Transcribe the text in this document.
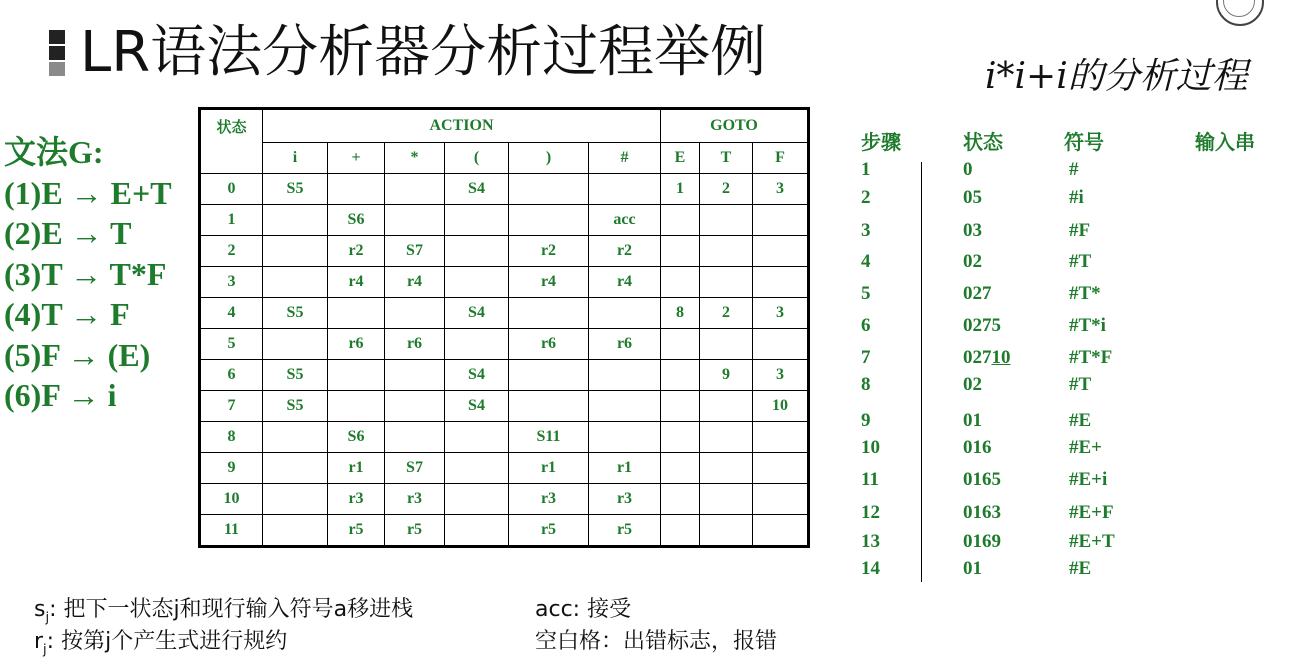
LR语法分析器分析过程举例	i*i+i的分析过程
文法G:
(1)E → E+T
(2)E → T
(3)T → T*F
(4)T → F
(5)F → (E)
(6)F → i
状态	ACTION						GOTO		
	i	+	*	(	)	#	E	T	F
0	S5			S4			1	2	3
1		S6				acc			
2		r2	S7		r2	r2			
3		r4	r4		r4	r4			
4	S5			S4			8	2	3
5		r6	r6		r6	r6			
6	S5			S4				9	3
7	S5			S4					10
8		S6			S11				
9		r1	S7		r1	r1			
10		r3	r3		r3	r3			
11		r5	r5		r5	r5			
步骤	状态	符号	输入串
1	0	#
2	05	#i
3	03	#F
4	02	#T
5	027	#T*
6	0275	#T*i
7	02710	#T*F
8	02	#T
9	01	#E
10	016	#E+
11	0165	#E+i
12	0163	#E+F
13	0169	#E+T
14	01	#E
$s_j$: 把下一状态j和现行输入符号a移进栈
$r_j$: 按第j个产生式进行规约
acc: 接受
空白格：出错标志，报错
